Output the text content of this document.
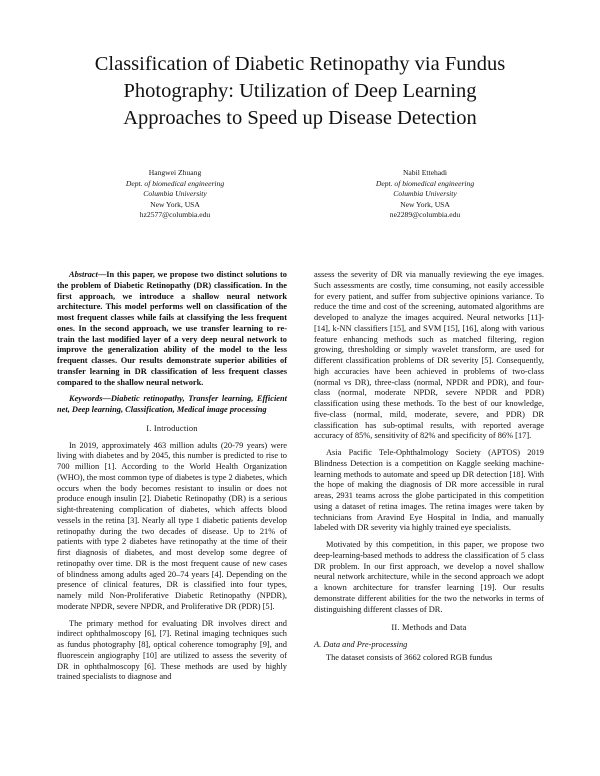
Classification of Diabetic Retinopathy via Fundus
Photography: Utilization of Deep Learning
Approaches to Speed up Disease Detection
Hangwei Zhuang
Dept. of biomedical engineering
Columbia University
New York, USA
hz2577@columbia.edu
Nabil Ettehadi
Dept. of biomedical engineering
Columbia University
New York, USA
ne2289@columbia.edu

Abstract—In this paper, we propose two distinct solutions to the problem of Diabetic Retinopathy (DR) classification. In the first approach, we introduce a shallow neural network architecture. This model performs well on classification of the most frequent classes while fails at classifying the less frequent ones. In the second approach, we use transfer learning to re-train the last modified layer of a very deep neural network to improve the generalization ability of the model to the less frequent classes. Our results demonstrate superior abilities of transfer learning in DR classification of less frequent classes compared to the shallow neural network.

Keywords—Diabetic retinopathy, Transfer learning, Efficient net, Deep learning, Classification, Medical image processing

I. Introduction

In 2019, approximately 463 million adults (20-79 years) were living with diabetes and by 2045, this number is predicted to rise to 700 million [1]. According to the World Health Organization (WHO), the most common type of diabetes is type 2 diabetes, which occurs when the body becomes resistant to insulin or does not produce enough insulin [2]. Diabetic Retinopathy (DR) is a serious sight-threatening complication of diabetes, which affects blood vessels in the retina [3]. Nearly all type 1 diabetic patients develop retinopathy during the two decades of disease. Up to 21% of patients with type 2 diabetes have retinopathy at the time of their first diagnosis of diabetes, and most develop some degree of retinopathy over time. DR is the most frequent cause of new cases of blindness among adults aged 20–74 years [4]. Depending on the presence of clinical features, DR is classified into four types, namely mild Non-Proliferative Diabetic Retinopathy (NPDR), moderate NPDR, severe NPDR, and Proliferative DR (PDR) [5].

The primary method for evaluating DR involves direct and indirect ophthalmoscopy [6], [7]. Retinal imaging techniques such as fundus photography [8], optical coherence tomography [9], and fluorescein angiography [10] are utilized to assess the severity of DR in ophthalmoscopy [6]. These methods are used by highly trained specialists to diagnose and

assess the severity of DR via manually reviewing the eye images. Such assessments are costly, time consuming, not easily accessible for every patient, and suffer from subjective opinions variance. To reduce the time and cost of the screening, automated algorithms are developed to analyze the images acquired. Neural networks [11]-[14], k-NN classifiers [15], and SVM [15], [16], along with various feature enhancing methods such as matched filtering, region growing, thresholding or simply wavelet transform, are used for different classification problems of DR severity [5]. Consequently, high accuracies have been achieved in problems of two-class (normal vs DR), three-class (normal, NPDR and PDR), and four-class (normal, moderate NPDR, severe NPDR and PDR) classification using these methods. To the best of our knowledge, five-class (normal, mild, moderate, severe, and PDR) DR classification has sub-optimal results, with reported average accuracy of 85%, sensitivity of 82% and specificity of 86% [17].

Asia Pacific Tele-Ophthalmology Society (APTOS) 2019 Blindness Detection is a competition on Kaggle seeking machine-learning methods to automate and speed up DR detection [18]. With the hope of making the diagnosis of DR more accessible in rural areas, 2931 teams across the globe participated in this competition using a dataset of retina images. The retina images were taken by technicians from Aravind Eye Hospital in India, and manually labeled with DR severity via highly trained eye specialists.

Motivated by this competition, in this paper, we propose two deep-learning-based methods to address the classification of 5 class DR problem. In our first approach, we develop a novel shallow neural network architecture, while in the second approach we adopt a known architecture for transfer learning [19]. Our results demonstrate different abilities for the two the networks in terms of distinguishing different classes of DR.

II. Methods and Data

A. Data and Pre-processing

The dataset consists of 3662 colored RGB fundus
